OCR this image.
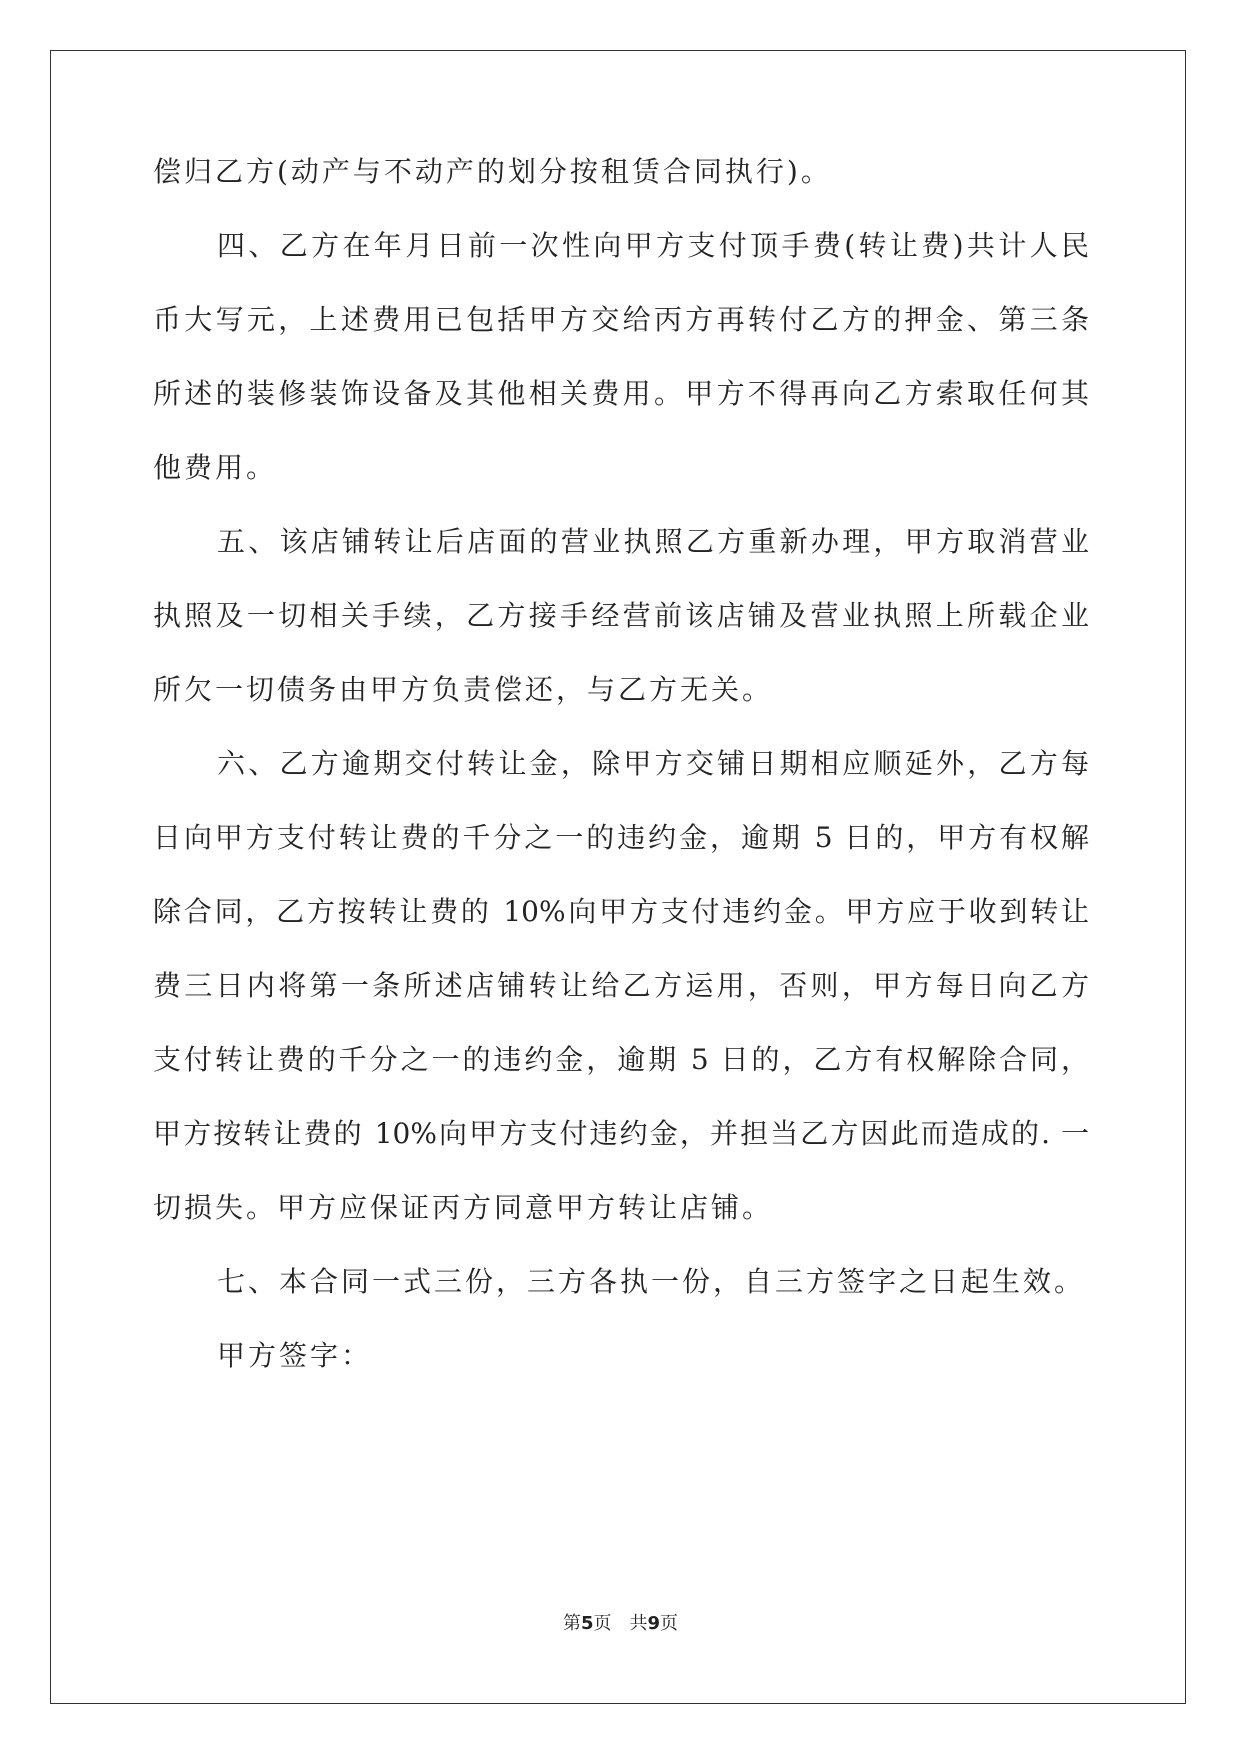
偿归乙方(动产与不动产的划分按租赁合同执行)。
四、乙方在年月日前一次性向甲方支付顶手费(转让费)共计人民
币大写元，上述费用已包括甲方交给丙方再转付乙方的押金、第三条
所述的装修装饰设备及其他相关费用。甲方不得再向乙方索取任何其
他费用。
五、该店铺转让后店面的营业执照乙方重新办理，甲方取消营业
执照及一切相关手续，乙方接手经营前该店铺及营业执照上所载企业
所欠一切债务由甲方负责偿还，与乙方无关。
六、乙方逾期交付转让金，除甲方交铺日期相应顺延外，乙方每
日向甲方支付转让费的千分之一的违约金，逾期 5 日的，甲方有权解
除合同，乙方按转让费的 10%向甲方支付违约金。甲方应于收到转让
费三日内将第一条所述店铺转让给乙方运用，否则，甲方每日向乙方
支付转让费的千分之一的违约金，逾期 5 日的，乙方有权解除合同，
甲方按转让费的 10%向甲方支付违约金，并担当乙方因此而造成的. 一
切损失。甲方应保证丙方同意甲方转让店铺。
七、本合同一式三份，三方各执一份，自三方签字之日起生效。
甲方签字：
第5页　共9页
